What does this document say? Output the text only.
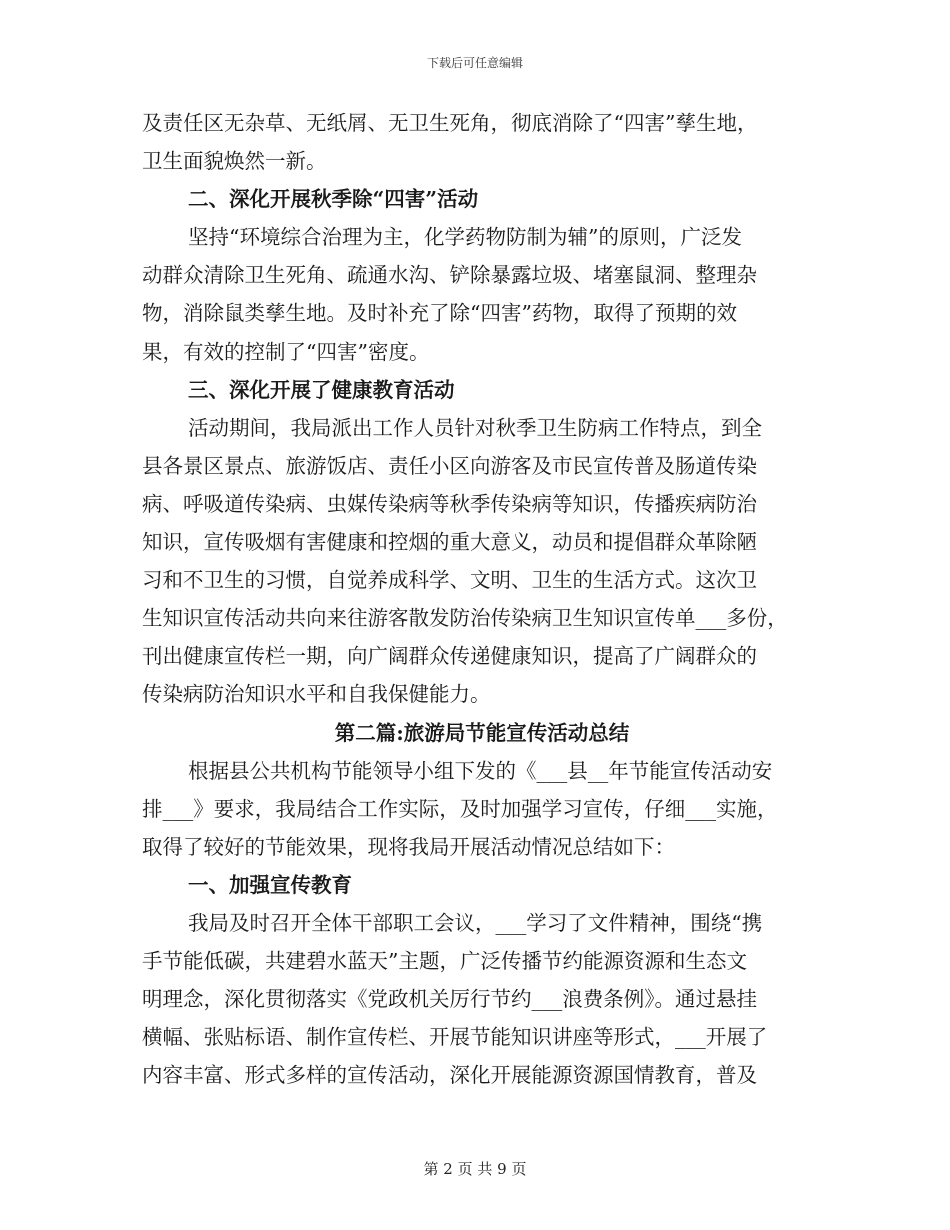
下载后可任意编辑
及责任区无杂草、无纸屑、无卫生死角，彻底消除了“四害”孳生地，
卫生面貌焕然一新。
二、深化开展秋季除“四害”活动
坚持“环境综合治理为主，化学药物防制为辅”的原则，广泛发
动群众清除卫生死角、疏通水沟、铲除暴露垃圾、堵塞鼠洞、整理杂
物，消除鼠类孳生地。及时补充了除“四害”药物，取得了预期的效
果，有效的控制了“四害”密度。
三、深化开展了健康教育活动
活动期间，我局派出工作人员针对秋季卫生防病工作特点，到全
县各景区景点、旅游饭店、责任小区向游客及市民宣传普及肠道传染
病、呼吸道传染病、虫媒传染病等秋季传染病等知识，传播疾病防治
知识，宣传吸烟有害健康和控烟的重大意义，动员和提倡群众革除陋
习和不卫生的习惯，自觉养成科学、文明、卫生的生活方式。这次卫
生知识宣传活动共向来往游客散发防治传染病卫生知识宣传单___多份，
刊出健康宣传栏一期，向广阔群众传递健康知识，提高了广阔群众的
传染病防治知识水平和自我保健能力。
第二篇:旅游局节能宣传活动总结
根据县公共机构节能领导小组下发的《___县__年节能宣传活动安
排___》要求，我局结合工作实际，及时加强学习宣传，仔细___实施，
取得了较好的节能效果，现将我局开展活动情况总结如下：
一、加强宣传教育
我局及时召开全体干部职工会议，___学习了文件精神，围绕“携
手节能低碳，共建碧水蓝天”主题，广泛传播节约能源资源和生态文
明理念，深化贯彻落实《党政机关厉行节约___浪费条例》。通过悬挂
横幅、张贴标语、制作宣传栏、开展节能知识讲座等形式，___开展了
内容丰富、形式多样的宣传活动，深化开展能源资源国情教育，普及
第 2 页 共 9 页
